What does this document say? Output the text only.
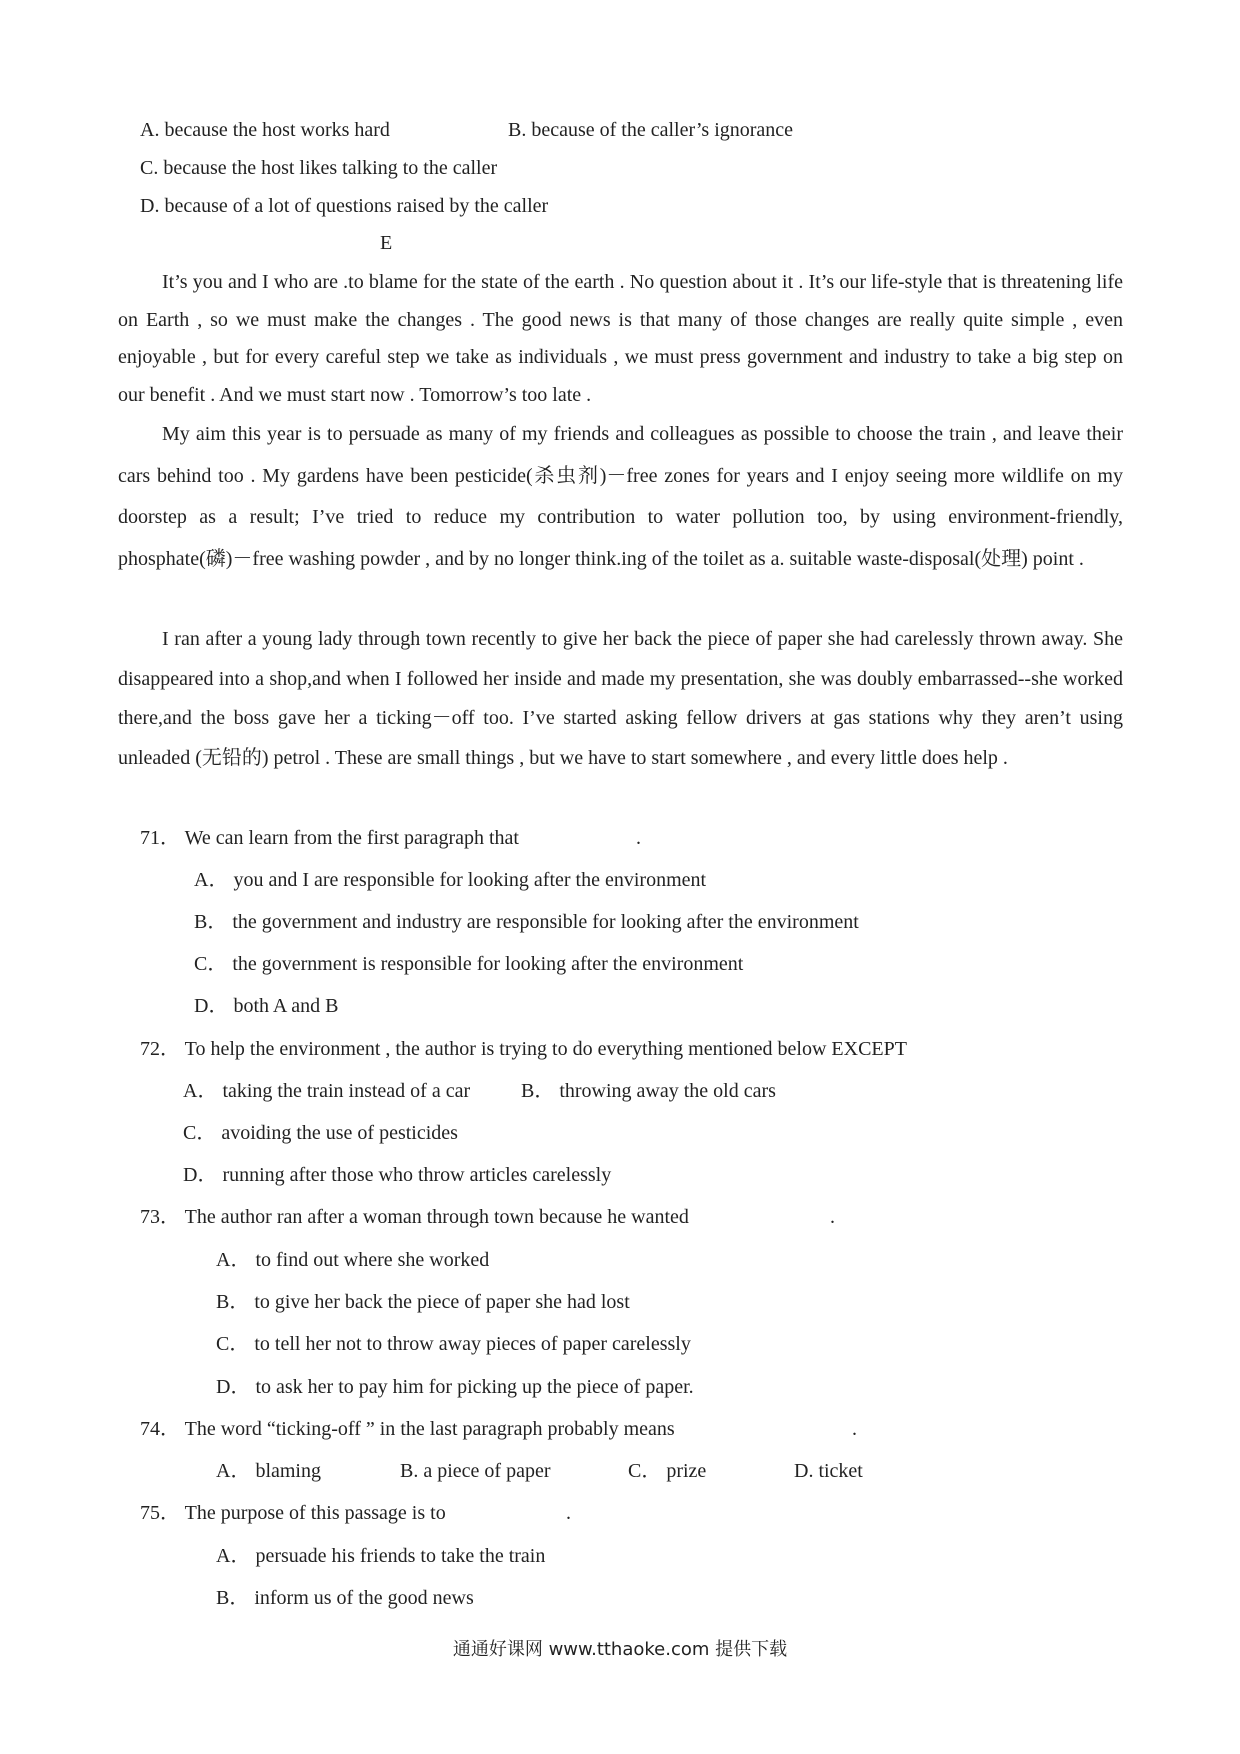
A. because the host works hard	B. because of the caller’s ignorance
C. because the host likes talking to the caller
D. because of a lot of questions raised by the caller
E
It’s you and I who are .to blame for the state of the earth . No question about it . It’s our life-style that is threatening life on Earth , so we must make the changes . The good news is that many of those changes are really quite simple , even enjoyable , but for every careful step we take as individuals , we must press government and industry to take a big step on our benefit . And we must start now . Tomorrow’s too late .
My aim this year is to persuade as many of my friends and colleagues as possible to choose the train , and leave their cars behind too . My gardens have been pesticide(杀虫剂)－free zones for years and I enjoy seeing more wildlife on my doorstep as a result; I’ve tried to reduce my contribution to water pollution too, by using environment-friendly, phosphate(磷)－free washing powder , and by no longer think.ing of the toilet as a. suitable waste-disposal(处理) point .
I ran after a young lady through town recently to give her back the piece of paper she had carelessly thrown away. She disappeared into a shop,and when I followed her inside and made my presentation, she was doubly embarrassed--she worked there,and the boss gave her a ticking－off too. I’ve started asking fellow drivers at gas stations why they aren’t using unleaded (无铅的) petrol . These are small things , but we have to start somewhere , and every little does help .
71． We can learn from the first paragraph that	.
A． you and I are responsible for looking after the environment
B． the government and industry are responsible for looking after the environment
C． the government is responsible for looking after the environment
D． both A and B
72． To help the environment , the author is trying to do everything mentioned below EXCEPT
A． taking the train instead of a car	B． throwing away the old cars
C． avoiding the use of pesticides
D． running after those who throw articles carelessly
73． The author ran after a woman through town because he wanted	.
A． to find out where she worked
B． to give her back the piece of paper she had lost
C． to tell her not to throw away pieces of paper carelessly
D． to ask her to pay him for picking up the piece of paper.
74． The word “ticking-off ” in the last paragraph probably means	.
A． blaming	B. a piece of paper	C． prize	D. ticket
75． The purpose of this passage is to	.
A． persuade his friends to take the train
B． inform us of the good news
通通好课网 www.tthaoke.com 提供下载
